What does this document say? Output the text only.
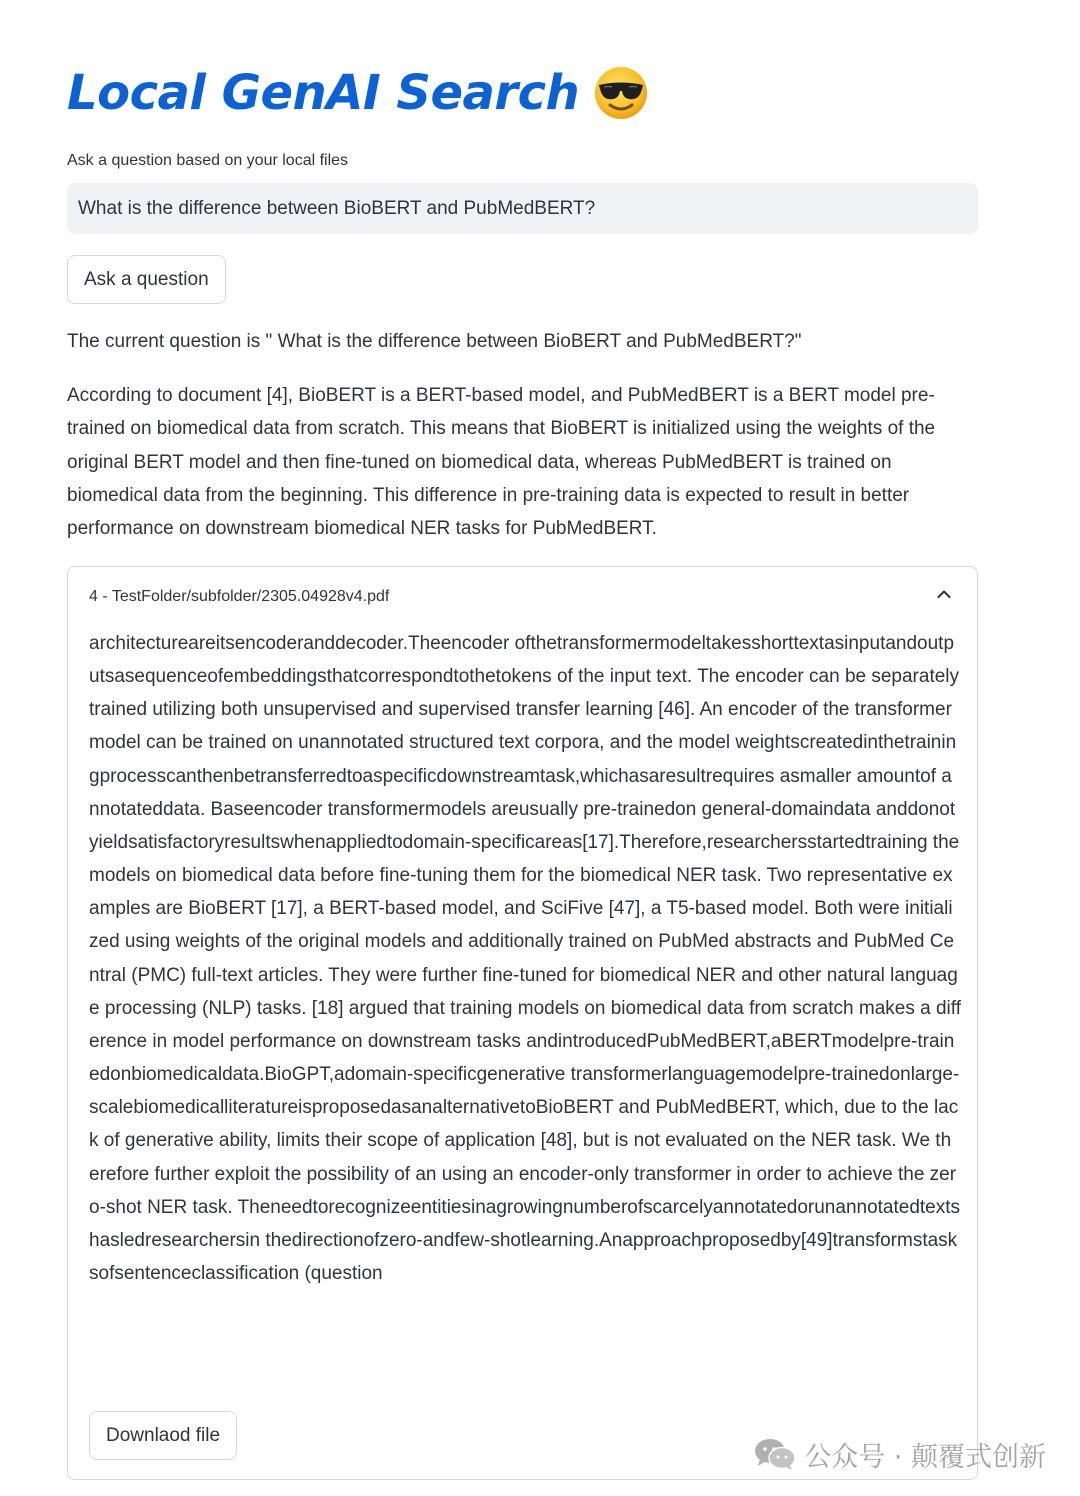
Local GenAI Search
Ask a question based on your local files
What is the difference between BioBERT and PubMedBERT?
Ask a question

The current question is " What is the difference between BioBERT and PubMedBERT?"

According to document [4], BioBERT is a BERT-based model, and PubMedBERT is a BERT model pre-trained on biomedical data from scratch. This means that BioBERT is initialized using the weights of the original BERT model and then fine-tuned on biomedical data, whereas PubMedBERT is trained on biomedical data from the beginning. This difference in pre-training data is expected to result in better performance on downstream biomedical NER tasks for PubMedBERT.

4 - TestFolder/subfolder/2305.04928v4.pdf

architectureareitsencoderanddecoder.Theencoder ofthetransformermodeltakesshorttextasinputandoutputsasequenceofembeddingsthatcorrespondtothetokens of the input text. The encoder can be separately trained utilizing both unsupervised and supervised transfer learning [46]. An encoder of the transformer model can be trained on unannotated structured text corpora, and the model weightscreatedinthetrainingprocesscanthenbetransferredtoaspecificdownstreamtask,whichasaresultrequires asmaller amountof annotateddata. Baseencoder transformermodels areusually pre-trainedon general-domaindata anddonotyieldsatisfactoryresultswhenappliedtodomain-specificareas[17].Therefore,researchersstartedtraining the models on biomedical data before fine-tuning them for the biomedical NER task. Two representative examples are BioBERT [17], a BERT-based model, and SciFive [47], a T5-based model. Both were initialized using weights of the original models and additionally trained on PubMed abstracts and PubMed Central (PMC) full-text articles. They were further fine-tuned for biomedical NER and other natural language processing (NLP) tasks. [18] argued that training models on biomedical data from scratch makes a difference in model performance on downstream tasks andintroducedPubMedBERT,aBERTmodelpre-trainedonbiomedicaldata.BioGPT,adomain-specificgenerative transformerlanguagemodelpre-trainedonlarge-scalebiomedicalliteratureisproposedasanalternativetoBioBERT and PubMedBERT, which, due to the lack of generative ability, limits their scope of application [48], but is not evaluated on the NER task. We therefore further exploit the possibility of an using an encoder-only transformer in order to achieve the zero-shot NER task. Theneedtorecognizeentitiesinagrowingnumberofscarcelyannotatedorunannotatedtextshasledresearchersin thedirectionofzero-andfew-shotlearning.Anapproachproposedby[49]transformstasksofsentenceclassification (question

Downlaod file
公众号 · 颠覆式创新
